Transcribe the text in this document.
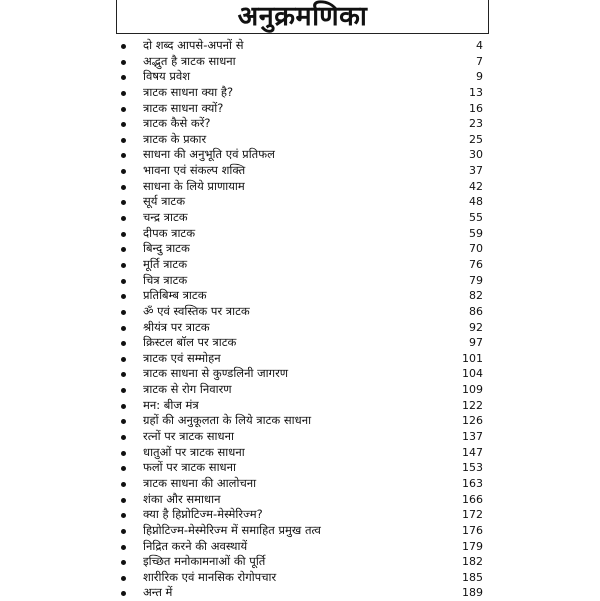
अनुक्रमणिका
दो शब्द आपसे-अपनों से	4
अद्भुत है त्राटक साधना	7
विषय प्रवेश	9
त्राटक साधना क्या है?	13
त्राटक साधना क्यों?	16
त्राटक कैसे करें?	23
त्राटक के प्रकार	25
साधना की अनुभूति एवं प्रतिफल	30
भावना एवं संकल्प शक्ति	37
साधना के लिये प्राणायाम	42
सूर्य त्राटक	48
चन्द्र त्राटक	55
दीपक त्राटक	59
बिन्दु त्राटक	70
मूर्ति त्राटक	76
चित्र त्राटक	79
प्रतिबिम्ब त्राटक	82
ॐ एवं स्वस्तिक पर त्राटक	86
श्रीयंत्र पर त्राटक	92
क्रिस्टल बॉल पर त्राटक	97
त्राटक एवं सम्मोहन	101
त्राटक साधना से कुण्डलिनी जागरण	104
त्राटक से रोग निवारण	109
मन: बीज मंत्र	122
ग्रहों की अनुकूलता के लिये त्राटक साधना	126
रत्नों पर त्राटक साधना	137
धातुओं पर त्राटक साधना	147
फलों पर त्राटक साधना	153
त्राटक साधना की आलोचना	163
शंका और समाधान	166
क्या है हिप्नोटिज्म-मेस्मेरिज्म?	172
हिप्नोटिज्म-मेस्मेरिज्म में समाहित प्रमुख तत्व	176
निद्रित करने की अवस्थायें	179
इच्छित मनोकामनाओं की पूर्ति	182
शारीरिक एवं मानसिक रोगोपचार	185
अन्त में	189
